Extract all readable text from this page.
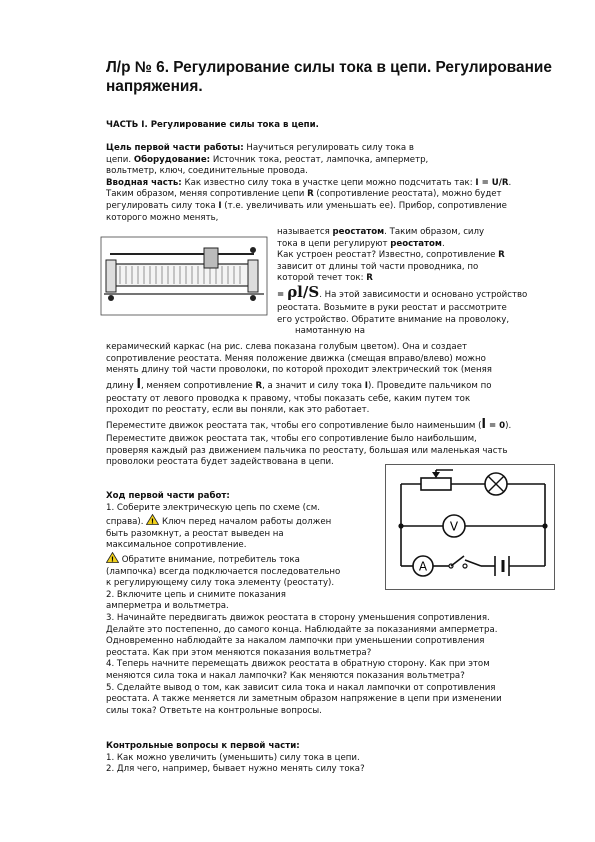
Л/р № 6. Регулирование силы тока в цепи. Регулирование
напряжения.
ЧАСТЬ I. Регулирование силы тока в цепи.
Цель первой части работы: Научиться регулировать силу тока в
цепи. Оборудование: Источник тока, реостат, лампочка, амперметр,
вольтметр, ключ, соединительные провода.
Вводная часть: Как известно силу тока в участке цепи можно подсчитать так: I = U/R.
Таким образом, меняя сопротивление цепи R (сопротивление реостата), можно будет
регулировать силу тока I (т.е. увеличивать или уменьшать ее). Прибор, сопротивление
которого можно менять,
называется реостатом. Таким образом, силу
тока в цепи регулируют реостатом.
Как устроен реостат? Известно, сопротивление R
зависит от длины той части проводника, по
которой течет ток: R
= ρl/S. На этой зависимости и основано устройство
реостата. Возьмите в руки реостат и рассмотрите
его устройство. Обратите внимание на проволоку,
намотанную на
керамический каркас (на рис. слева показана голубым цветом). Она и создает
сопротивление реостата. Меняя положение движка (смещая вправо/влево) можно
менять длину той части проволоки, по которой проходит электрический ток (меняя
длину l, меняем сопротивление R, а значит и силу тока I). Проведите пальчиком по
реостату от левого проводка к правому, чтобы показать себе, каким путем ток
проходит по реостату, если вы поняли, как это работает.
Переместите движок реостата так, чтобы его сопротивление было наименьшим (l = 0).
Переместите движок реостата так, чтобы его сопротивление было наибольшим,
проверяя каждый раз движением пальчика по реостату, большая или маленькая часть
проволоки реостата будет задействована в цепи.
Ход первой части работ:
1. Соберите электрическую цепь по схеме (см.
справа). ! Ключ перед началом работы должен
быть разомкнут, а реостат выведен на
максимальное сопротивление.
! Обратите внимание, потребитель тока
(лампочка) всегда подключается последовательно
к регулирующему силу тока элементу (реостату).
2. Включите цепь и снимите показания
амперметра и вольтметра.
3. Начинайте передвигать движок реостата в сторону уменьшения сопротивления.
Делайте это постепенно, до самого конца. Наблюдайте за показаниями амперметра.
Одновременно наблюдайте за накалом лампочки при уменьшении сопротивления
реостата. Как при этом меняются показания вольтметра?
4. Теперь начните перемещать движок реостата в обратную сторону. Как при этом
меняются сила тока и накал лампочки? Как меняются показания вольтметра?
5. Сделайте вывод о том, как зависит сила тока и накал лампочки от сопротивления
реостата. А также меняется ли заметным образом напряжение в цепи при изменении
силы тока? Ответьте на контрольные вопросы.
V
A
Контрольные вопросы к первой части:
1. Как можно увеличить (уменьшить) силу тока в цепи.
2. Для чего, например, бывает нужно менять силу тока?
